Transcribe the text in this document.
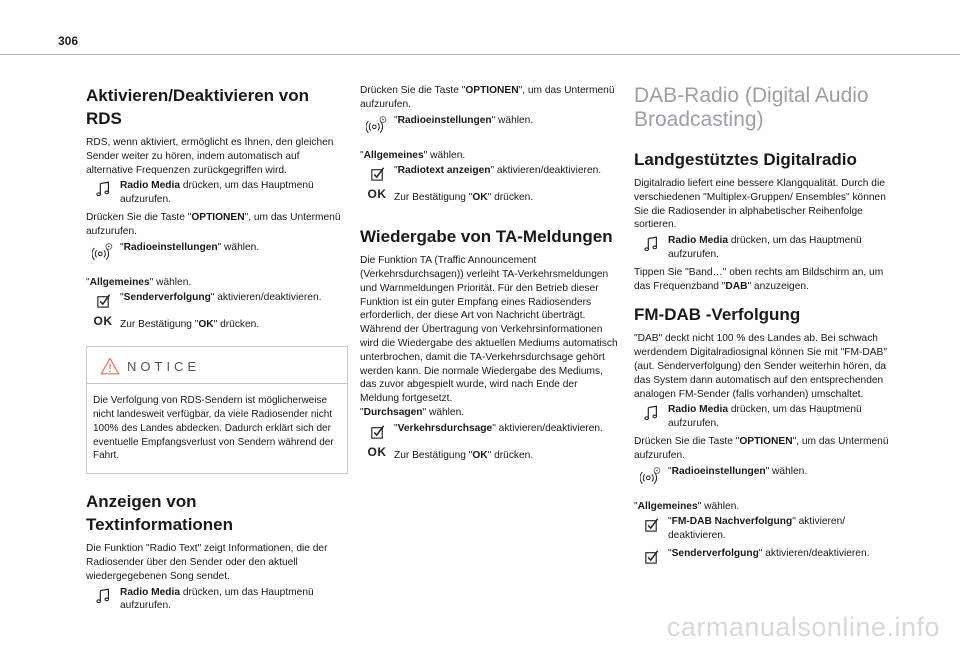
306
Aktivieren/Deaktivieren von
RDS

RDS, wenn aktiviert, ermöglicht es Ihnen, den gleichen Sender weiter zu hören, indem automatisch auf alternative Frequenzen zurückgegriffen wird.

Radio Media drücken, um das Hauptmenü aufzurufen.

Drücken Sie die Taste "OPTIONEN", um das Untermenü aufzurufen.

"Radioeinstellungen" wählen.

"Allgemeines" wählen.

"Senderverfolgung" aktivieren/deaktivieren.
OK Zur Bestätigung "OK" drücken.
NOTICE
Die Verfolgung von RDS-Sendern ist möglicherweise nicht landesweit verfügbar, da viele Radiosender nicht 100% des Landes abdecken. Dadurch erklärt sich der eventuelle Empfangsverlust von Sendern während der Fahrt.
Anzeigen von Textinformationen

Die Funktion "Radio Text" zeigt Informationen, die der Radiosender über den Sender oder den aktuell wiedergegebenen Song sendet.

Radio Media drücken, um das Hauptmenü aufzurufen.

Drücken Sie die Taste "OPTIONEN", um das Untermenü aufzurufen.

"Radioeinstellungen" wählen.

"Allgemeines" wählen.

"Radiotext anzeigen" aktivieren/deaktivieren.
OK Zur Bestätigung "OK" drücken.
Wiedergabe von TA-Meldungen

Die Funktion TA (Traffic Announcement (Verkehrsdurchsagen)) verleiht TA-Verkehrsmeldungen und Warnmeldungen Priorität. Für den Betrieb dieser Funktion ist ein guter Empfang eines Radiosenders erforderlich, der diese Art von Nachricht überträgt. Während der Übertragung von Verkehrsinformationen wird die Wiedergabe des aktuellen Mediums automatisch unterbrochen, damit die TA-Verkehrsdurchsage gehört werden kann. Die normale Wiedergabe des Mediums, das zuvor abgespielt wurde, wird nach Ende der Meldung fortgesetzt.

"Durchsagen" wählen.

"Verkehrsdurchsage" aktivieren/deaktivieren.
OK Zur Bestätigung "OK" drücken.
DAB-Radio (Digital Audio
Broadcasting)
Landgestütztes Digitalradio

Digitalradio liefert eine bessere Klangqualität. Durch die verschiedenen "Multiplex-Gruppen/ Ensembles" können Sie die Radiosender in alphabetischer Reihenfolge sortieren.

Radio Media drücken, um das Hauptmenü aufzurufen.

Tippen Sie "Band…" oben rechts am Bildschirm an, um das Frequenzband "DAB" anzuzeigen.

FM-DAB -Verfolgung

"DAB" deckt nicht 100 % des Landes ab. Bei schwach werdendem Digitalradiosignal können Sie mit "FM-DAB" (aut. Senderverfolgung) den Sender weiterhin hören, da das System dann automatisch auf den entsprechenden analogen FM-Sender (falls vorhanden) umschaltet.

Radio Media drücken, um das Hauptmenü aufzurufen.

Drücken Sie die Taste "OPTIONEN", um das Untermenü aufzurufen.

"Radioeinstellungen" wählen.

"Allgemeines" wählen.

"FM-DAB Nachverfolgung" aktivieren/ deaktivieren.
"Senderverfolgung" aktivieren/deaktivieren.
carmanualsonline.info
